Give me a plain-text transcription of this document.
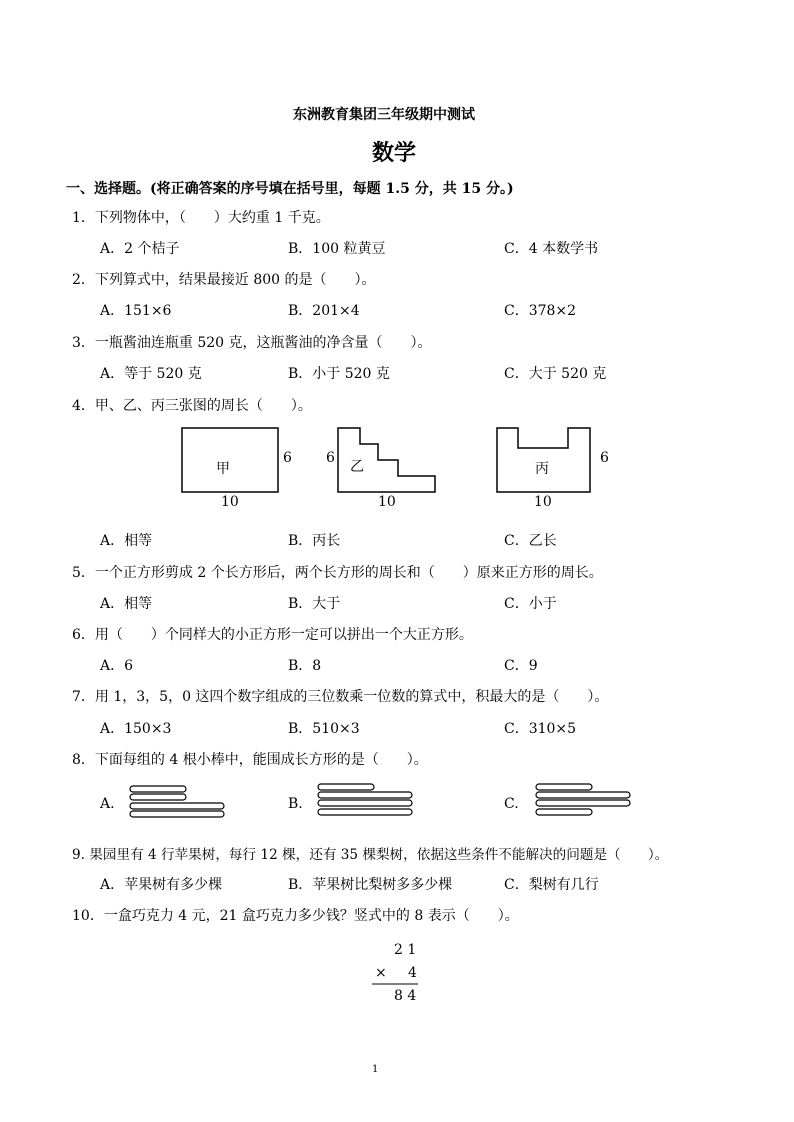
东洲教育集团三年级期中测试
数学
一、选择题。(将正确答案的序号填在括号里，每题 1.5 分，共 15 分。)
1．下列物体中，（　　）大约重 1 千克。
A．2 个桔子	B．100 粒黄豆	C．4 本数学书
2．下列算式中，结果最接近 800 的是（　　）。
A．151×6	B．201×4	C．378×2
3．一瓶酱油连瓶重 520 克，这瓶酱油的净含量（　　）。
A．等于 520 克	B．小于 520 克	C．大于 520 克
4．甲、乙、丙三张图的周长（　　）。
甲
6
10
乙
6
10
丙
6
10
A．相等	B．丙长	C．乙长
5．一个正方形剪成 2 个长方形后，两个长方形的周长和（　　）原来正方形的周长。
A．相等	B．大于	C．小于
6．用（　　）个同样大的小正方形一定可以拼出一个大正方形。
A．6	B．8	C．9
7．用 1，3，5，0 这四个数字组成的三位数乘一位数的算式中，积最大的是（　　）。
A．150×3	B．510×3	C．310×5
8．下面每组的 4 根小棒中，能围成长方形的是（　　）。
A.	B.	C.
9. 果园里有 4 行苹果树，每行 12 棵，还有 35 棵梨树，依据这些条件不能解决的问题是（　　）。
A．苹果树有多少棵	B．苹果树比梨树多多少棵	C．梨树有几行
10．一盒巧克力 4 元，21 盒巧克力多少钱？竖式中的 8 表示（　　）。
2 1
× 4
8 4
1
